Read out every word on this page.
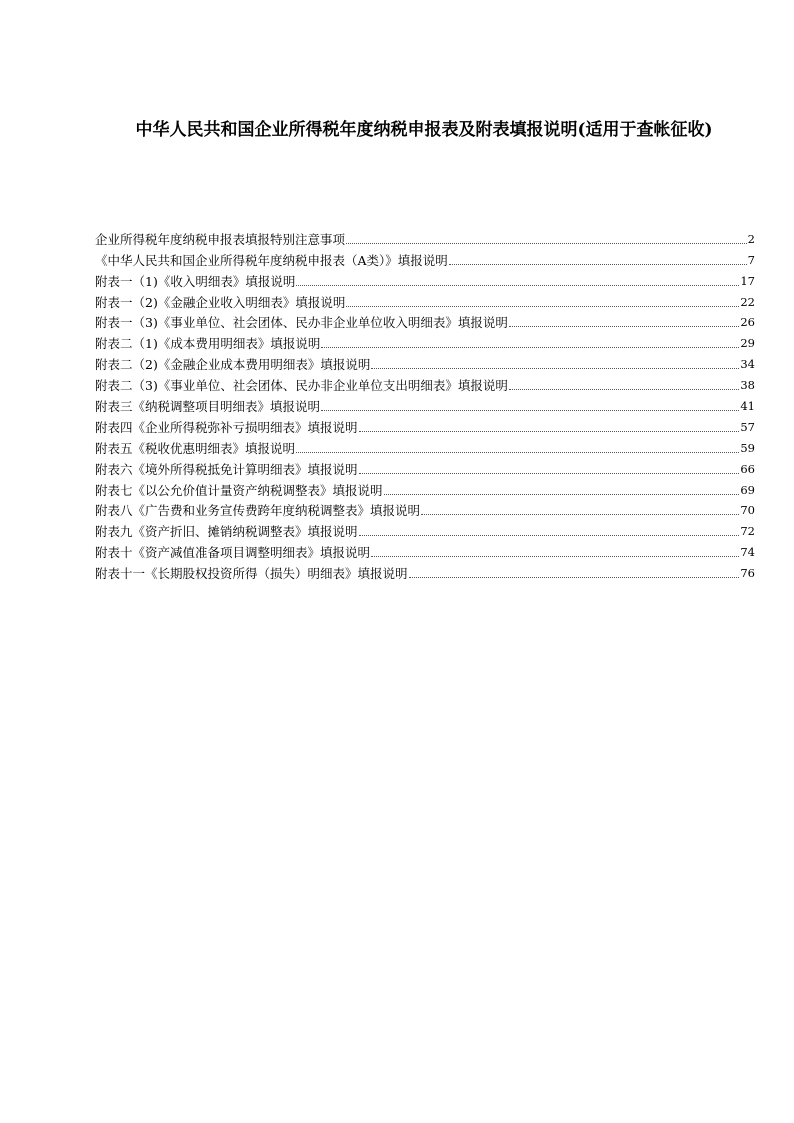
中华人民共和国企业所得税年度纳税申报表及附表填报说明(适用于查帐征收)
企业所得税年度纳税申报表填报特别注意事项	2
《中华人民共和国企业所得税年度纳税申报表（A类）》填报说明	7
附表一（1)《收入明细表》填报说明	17
附表一（2)《金融企业收入明细表》填报说明	22
附表一（3)《事业单位、社会团体、民办非企业单位收入明细表》填报说明	26
附表二（1)《成本费用明细表》填报说明	29
附表二（2)《金融企业成本费用明细表》填报说明	34
附表二（3)《事业单位、社会团体、民办非企业单位支出明细表》填报说明	38
附表三《纳税调整项目明细表》填报说明	41
附表四《企业所得税弥补亏损明细表》填报说明	57
附表五《税收优惠明细表》填报说明	59
附表六《境外所得税抵免计算明细表》填报说明	66
附表七《以公允价值计量资产纳税调整表》填报说明	69
附表八《广告费和业务宣传费跨年度纳税调整表》填报说明	70
附表九《资产折旧、摊销纳税调整表》填报说明	72
附表十《资产减值准备项目调整明细表》填报说明	74
附表十一《长期股权投资所得（损失）明细表》填报说明	76
